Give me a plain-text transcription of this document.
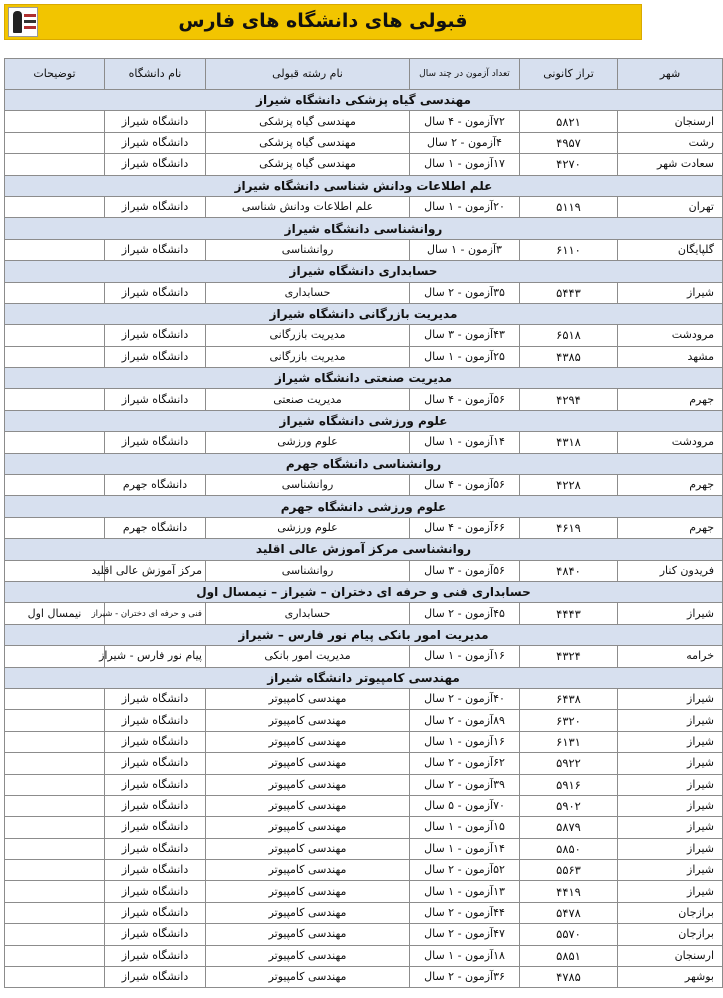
قبولی های دانشگاه های فارس
شهر	تراز کانونی	تعداد آزمون در چند سال	نام رشته قبولی	نام دانشگاه	توضیحات
مهندسی گیاه پزشکی دانشگاه شیراز					
ارسنجان	۵۸۲۱	۷۲آزمون - ۴ سال	مهندسی گیاه پزشکی	دانشگاه شیراز	
رشت	۴۹۵۷	۴آزمون - ۲ سال	مهندسی گیاه پزشکی	دانشگاه شیراز	
سعادت شهر	۴۲۷۰	۱۷آزمون - ۱ سال	مهندسی گیاه پزشکی	دانشگاه شیراز	
علم اطلاعات ودانش شناسی دانشگاه شیراز					
تهران	۵۱۱۹	۲۰آزمون - ۱ سال	علم اطلاعات ودانش شناسی	دانشگاه شیراز	
روانشناسی دانشگاه شیراز					
گلپایگان	۶۱۱۰	۳آزمون - ۱ سال	روانشناسی	دانشگاه شیراز	
حسابداری دانشگاه شیراز					
شیراز	۵۴۴۳	۳۵آزمون - ۲ سال	حسابداری	دانشگاه شیراز	
مدیریت بازرگانی دانشگاه شیراز					
مرودشت	۶۵۱۸	۴۳آزمون - ۳ سال	مدیریت بازرگانی	دانشگاه شیراز	
مشهد	۴۳۸۵	۲۵آزمون - ۱ سال	مدیریت بازرگانی	دانشگاه شیراز	
مدیریت صنعتی دانشگاه شیراز					
جهرم	۴۲۹۴	۵۶آزمون - ۴ سال	مدیریت صنعتی	دانشگاه شیراز	
علوم ورزشی دانشگاه شیراز					
مرودشت	۴۳۱۸	۱۴آزمون - ۱ سال	علوم ورزشی	دانشگاه شیراز	
روانشناسی دانشگاه جهرم					
جهرم	۴۲۲۸	۵۶آزمون - ۴ سال	روانشناسی	دانشگاه جهرم	
علوم ورزشی دانشگاه جهرم					
جهرم	۴۶۱۹	۶۶آزمون - ۴ سال	علوم ورزشی	دانشگاه جهرم	
روانشناسی مرکز آموزش عالی اقلید					
فریدون کنار	۴۸۴۰	۵۶آزمون - ۳ سال	روانشناسی	مرکز آموزش عالی اقلید	
حسابداری فنی و حرفه ای دختران – شیراز – نیمسال اول					
شیراز	۴۴۴۳	۴۵آزمون - ۲ سال	حسابداری	فنی و حرفه ای دختران - شیراز	نیمسال اول
مدیریت امور بانکی پیام نور فارس – شیراز					
خرامه	۴۳۲۴	۱۶آزمون - ۱ سال	مدیریت امور بانکی	پیام نور فارس - شیراز	
مهندسی کامپیوتر دانشگاه شیراز					
شیراز	۶۴۳۸	۴۰آزمون - ۲ سال	مهندسی کامپیوتر	دانشگاه شیراز	
شیراز	۶۳۲۰	۸۹آزمون - ۲ سال	مهندسی کامپیوتر	دانشگاه شیراز	
شیراز	۶۱۳۱	۱۶آزمون - ۱ سال	مهندسی کامپیوتر	دانشگاه شیراز	
شیراز	۵۹۲۲	۶۲آزمون - ۲ سال	مهندسی کامپیوتر	دانشگاه شیراز	
شیراز	۵۹۱۶	۳۹آزمون - ۲ سال	مهندسی کامپیوتر	دانشگاه شیراز	
شیراز	۵۹۰۲	۷۰آزمون - ۵ سال	مهندسی کامپیوتر	دانشگاه شیراز	
شیراز	۵۸۷۹	۱۵آزمون - ۱ سال	مهندسی کامپیوتر	دانشگاه شیراز	
شیراز	۵۸۵۰	۱۴آزمون - ۱ سال	مهندسی کامپیوتر	دانشگاه شیراز	
شیراز	۵۵۶۳	۵۲آزمون - ۲ سال	مهندسی کامپیوتر	دانشگاه شیراز	
شیراز	۴۴۱۹	۱۳آزمون - ۱ سال	مهندسی کامپیوتر	دانشگاه شیراز	
برازجان	۵۴۷۸	۴۴آزمون - ۲ سال	مهندسی کامپیوتر	دانشگاه شیراز	
برازجان	۵۵۷۰	۴۷آزمون - ۲ سال	مهندسی کامپیوتر	دانشگاه شیراز	
ارسنجان	۵۸۵۱	۱۸آزمون - ۱ سال	مهندسی کامپیوتر	دانشگاه شیراز	
بوشهر	۴۷۸۵	۳۶آزمون - ۲ سال	مهندسی کامپیوتر	دانشگاه شیراز	
